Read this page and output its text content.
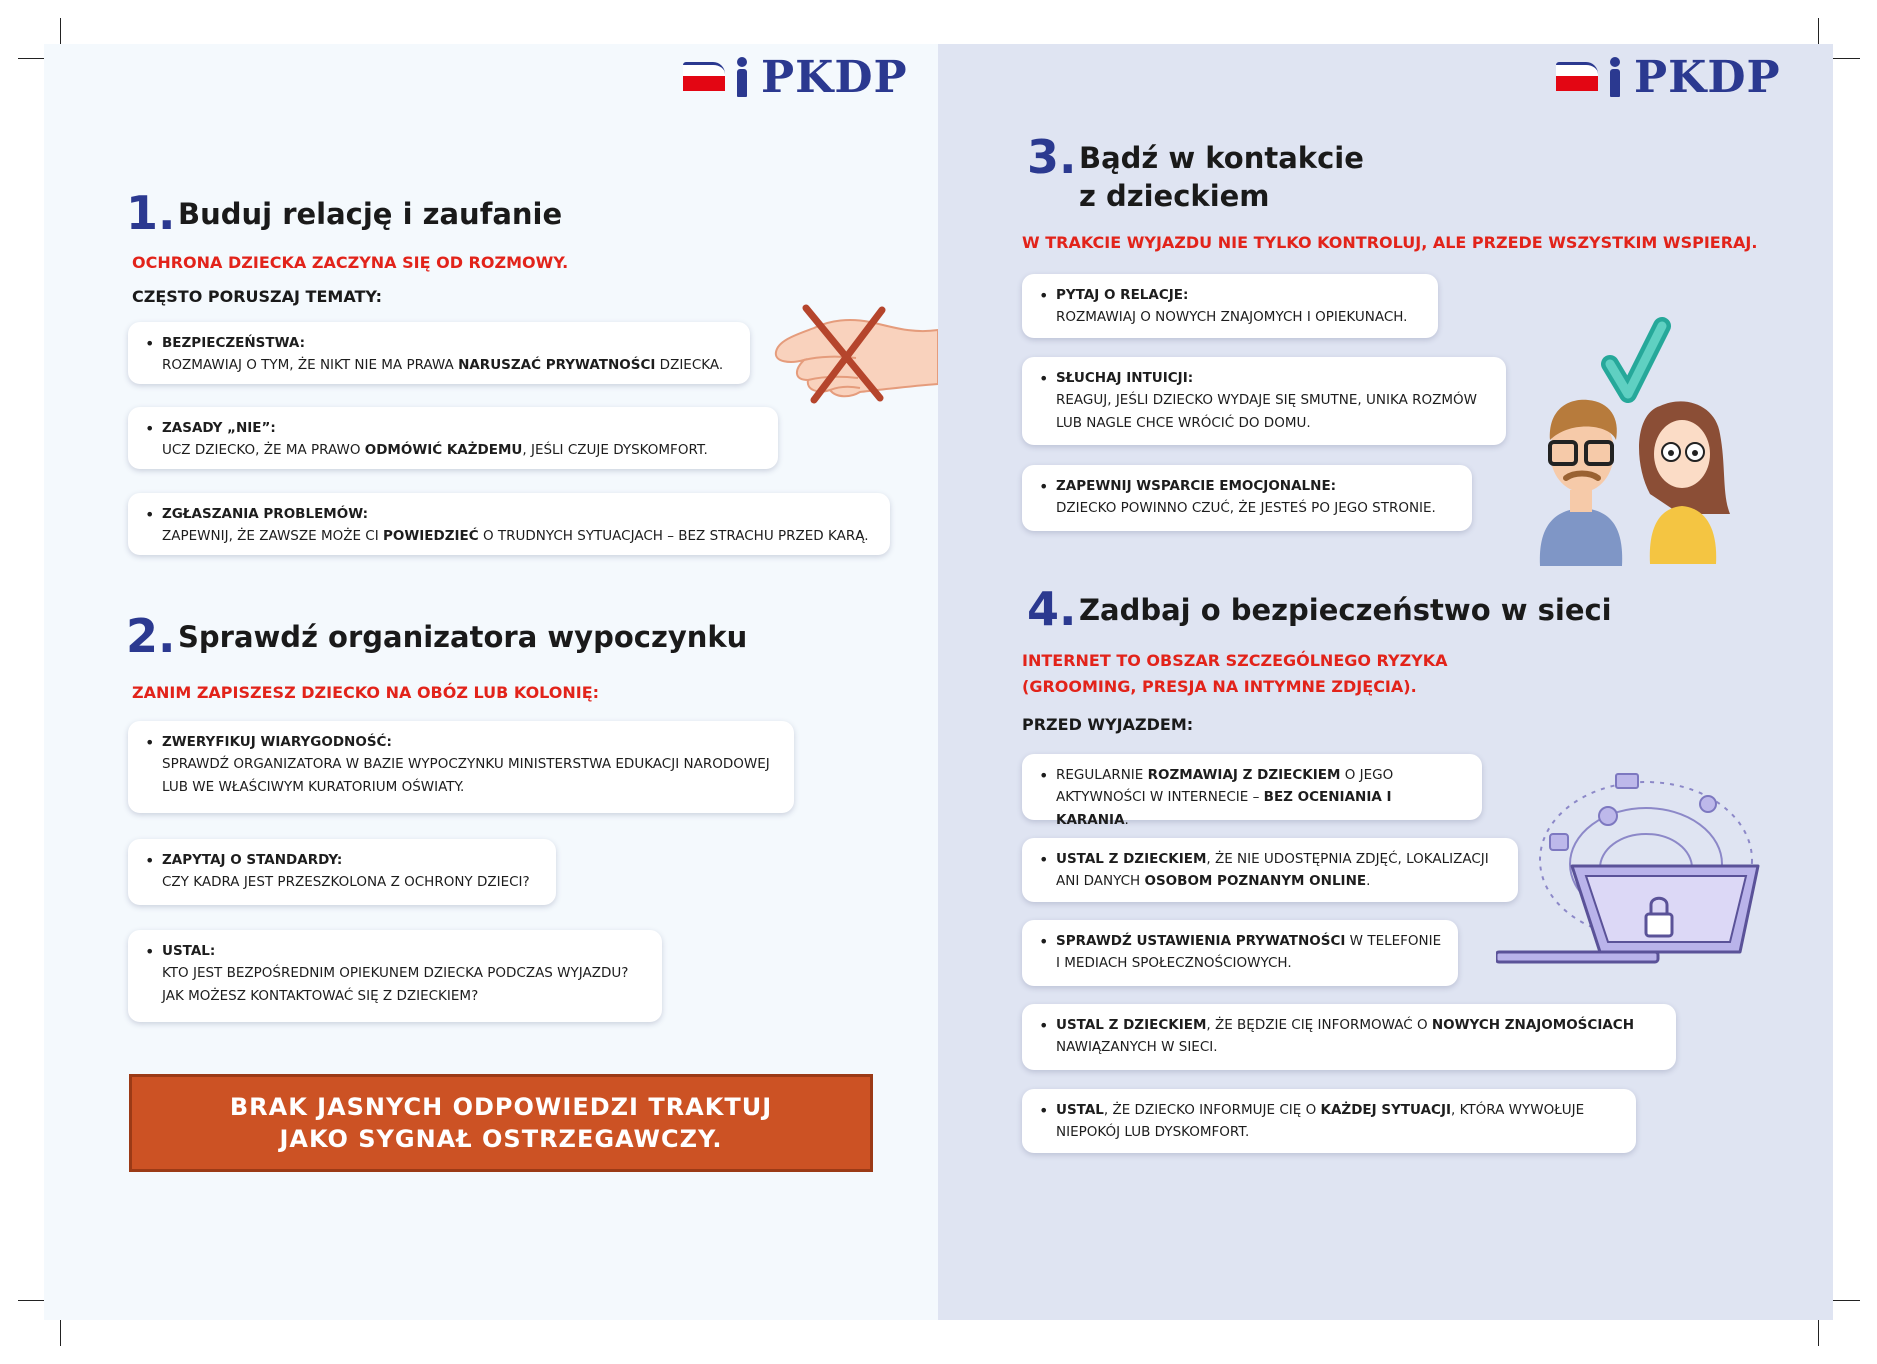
PKDP	PKDP
1. Buduj relację i zaufanie
OCHRONA DZIECKA ZACZYNA SIĘ OD ROZMOWY.
CZĘSTO PORUSZAJ TEMATY:
• BEZPIECZEŃSTWA:
ROZMAWIAJ O TYM, ŻE NIKT NIE MA PRAWA NARUSZAĆ PRYWATNOŚCI DZIECKA.
• ZASADY „NIE”:
UCZ DZIECKO, ŻE MA PRAWO ODMÓWIĆ KAŻDEMU, JEŚLI CZUJE DYSKOMFORT.
• ZGŁASZANIA PROBLEMÓW:
ZAPEWNIJ, ŻE ZAWSZE MOŻE CI POWIEDZIEĆ O TRUDNYCH SYTUACJACH – BEZ STRACHU PRZED KARĄ.
2. Sprawdź organizatora wypoczynku
ZANIM ZAPISZESZ DZIECKO NA OBÓZ LUB KOLONIĘ:
• ZWERYFIKUJ WIARYGODNOŚĆ:
SPRAWDŹ ORGANIZATORA W BAZIE WYPOCZYNKU MINISTERSTWA EDUKACJI NARODOWEJ
LUB WE WŁAŚCIWYM KURATORIUM OŚWIATY.
• ZAPYTAJ O STANDARDY:
CZY KADRA JEST PRZESZKOLONA Z OCHRONY DZIECI?
• USTAL:
KTO JEST BEZPOŚREDNIM OPIEKUNEM DZIECKA PODCZAS WYJAZDU?
JAK MOŻESZ KONTAKTOWAĆ SIĘ Z DZIECKIEM?
BRAK JASNYCH ODPOWIEDZI TRAKTUJ
JAKO SYGNAŁ OSTRZEGAWCZY.
3. Bądź w kontakcie
z dzieckiem
W TRAKCIE WYJAZDU NIE TYLKO KONTROLUJ, ALE PRZEDE WSZYSTKIM WSPIERAJ.
• PYTAJ O RELACJE:
ROZMAWIAJ O NOWYCH ZNAJOMYCH I OPIEKUNACH.
• SŁUCHAJ INTUICJI:
REAGUJ, JEŚLI DZIECKO WYDAJE SIĘ SMUTNE, UNIKA ROZMÓW
LUB NAGLE CHCE WRÓCIĆ DO DOMU.
• ZAPEWNIJ WSPARCIE EMOCJONALNE:
DZIECKO POWINNO CZUĆ, ŻE JESTEŚ PO JEGO STRONIE.
4. Zadbaj o bezpieczeństwo w sieci
INTERNET TO OBSZAR SZCZEGÓLNEGO RYZYKA
(GROOMING, PRESJA NA INTYMNE ZDJĘCIA).
PRZED WYJAZDEM:
• REGULARNIE ROZMAWIAJ Z DZIECKIEM O JEGO
AKTYWNOŚCI W INTERNECIE – BEZ OCENIANIA I KARANIA.
• USTAL Z DZIECKIEM, ŻE NIE UDOSTĘPNIA ZDJĘĆ, LOKALIZACJI
ANI DANYCH OSOBOM POZNANYM ONLINE.
• SPRAWDŹ USTAWIENIA PRYWATNOŚCI W TELEFONIE
I MEDIACH SPOŁECZNOŚCIOWYCH.
• USTAL Z DZIECKIEM, ŻE BĘDZIE CIĘ INFORMOWAĆ O NOWYCH ZNAJOMOŚCIACH
NAWIĄZANYCH W SIECI.
• USTAL, ŻE DZIECKO INFORMUJE CIĘ O KAŻDEJ SYTUACJI, KTÓRA WYWOŁUJE
NIEPOKÓJ LUB DYSKOMFORT.
